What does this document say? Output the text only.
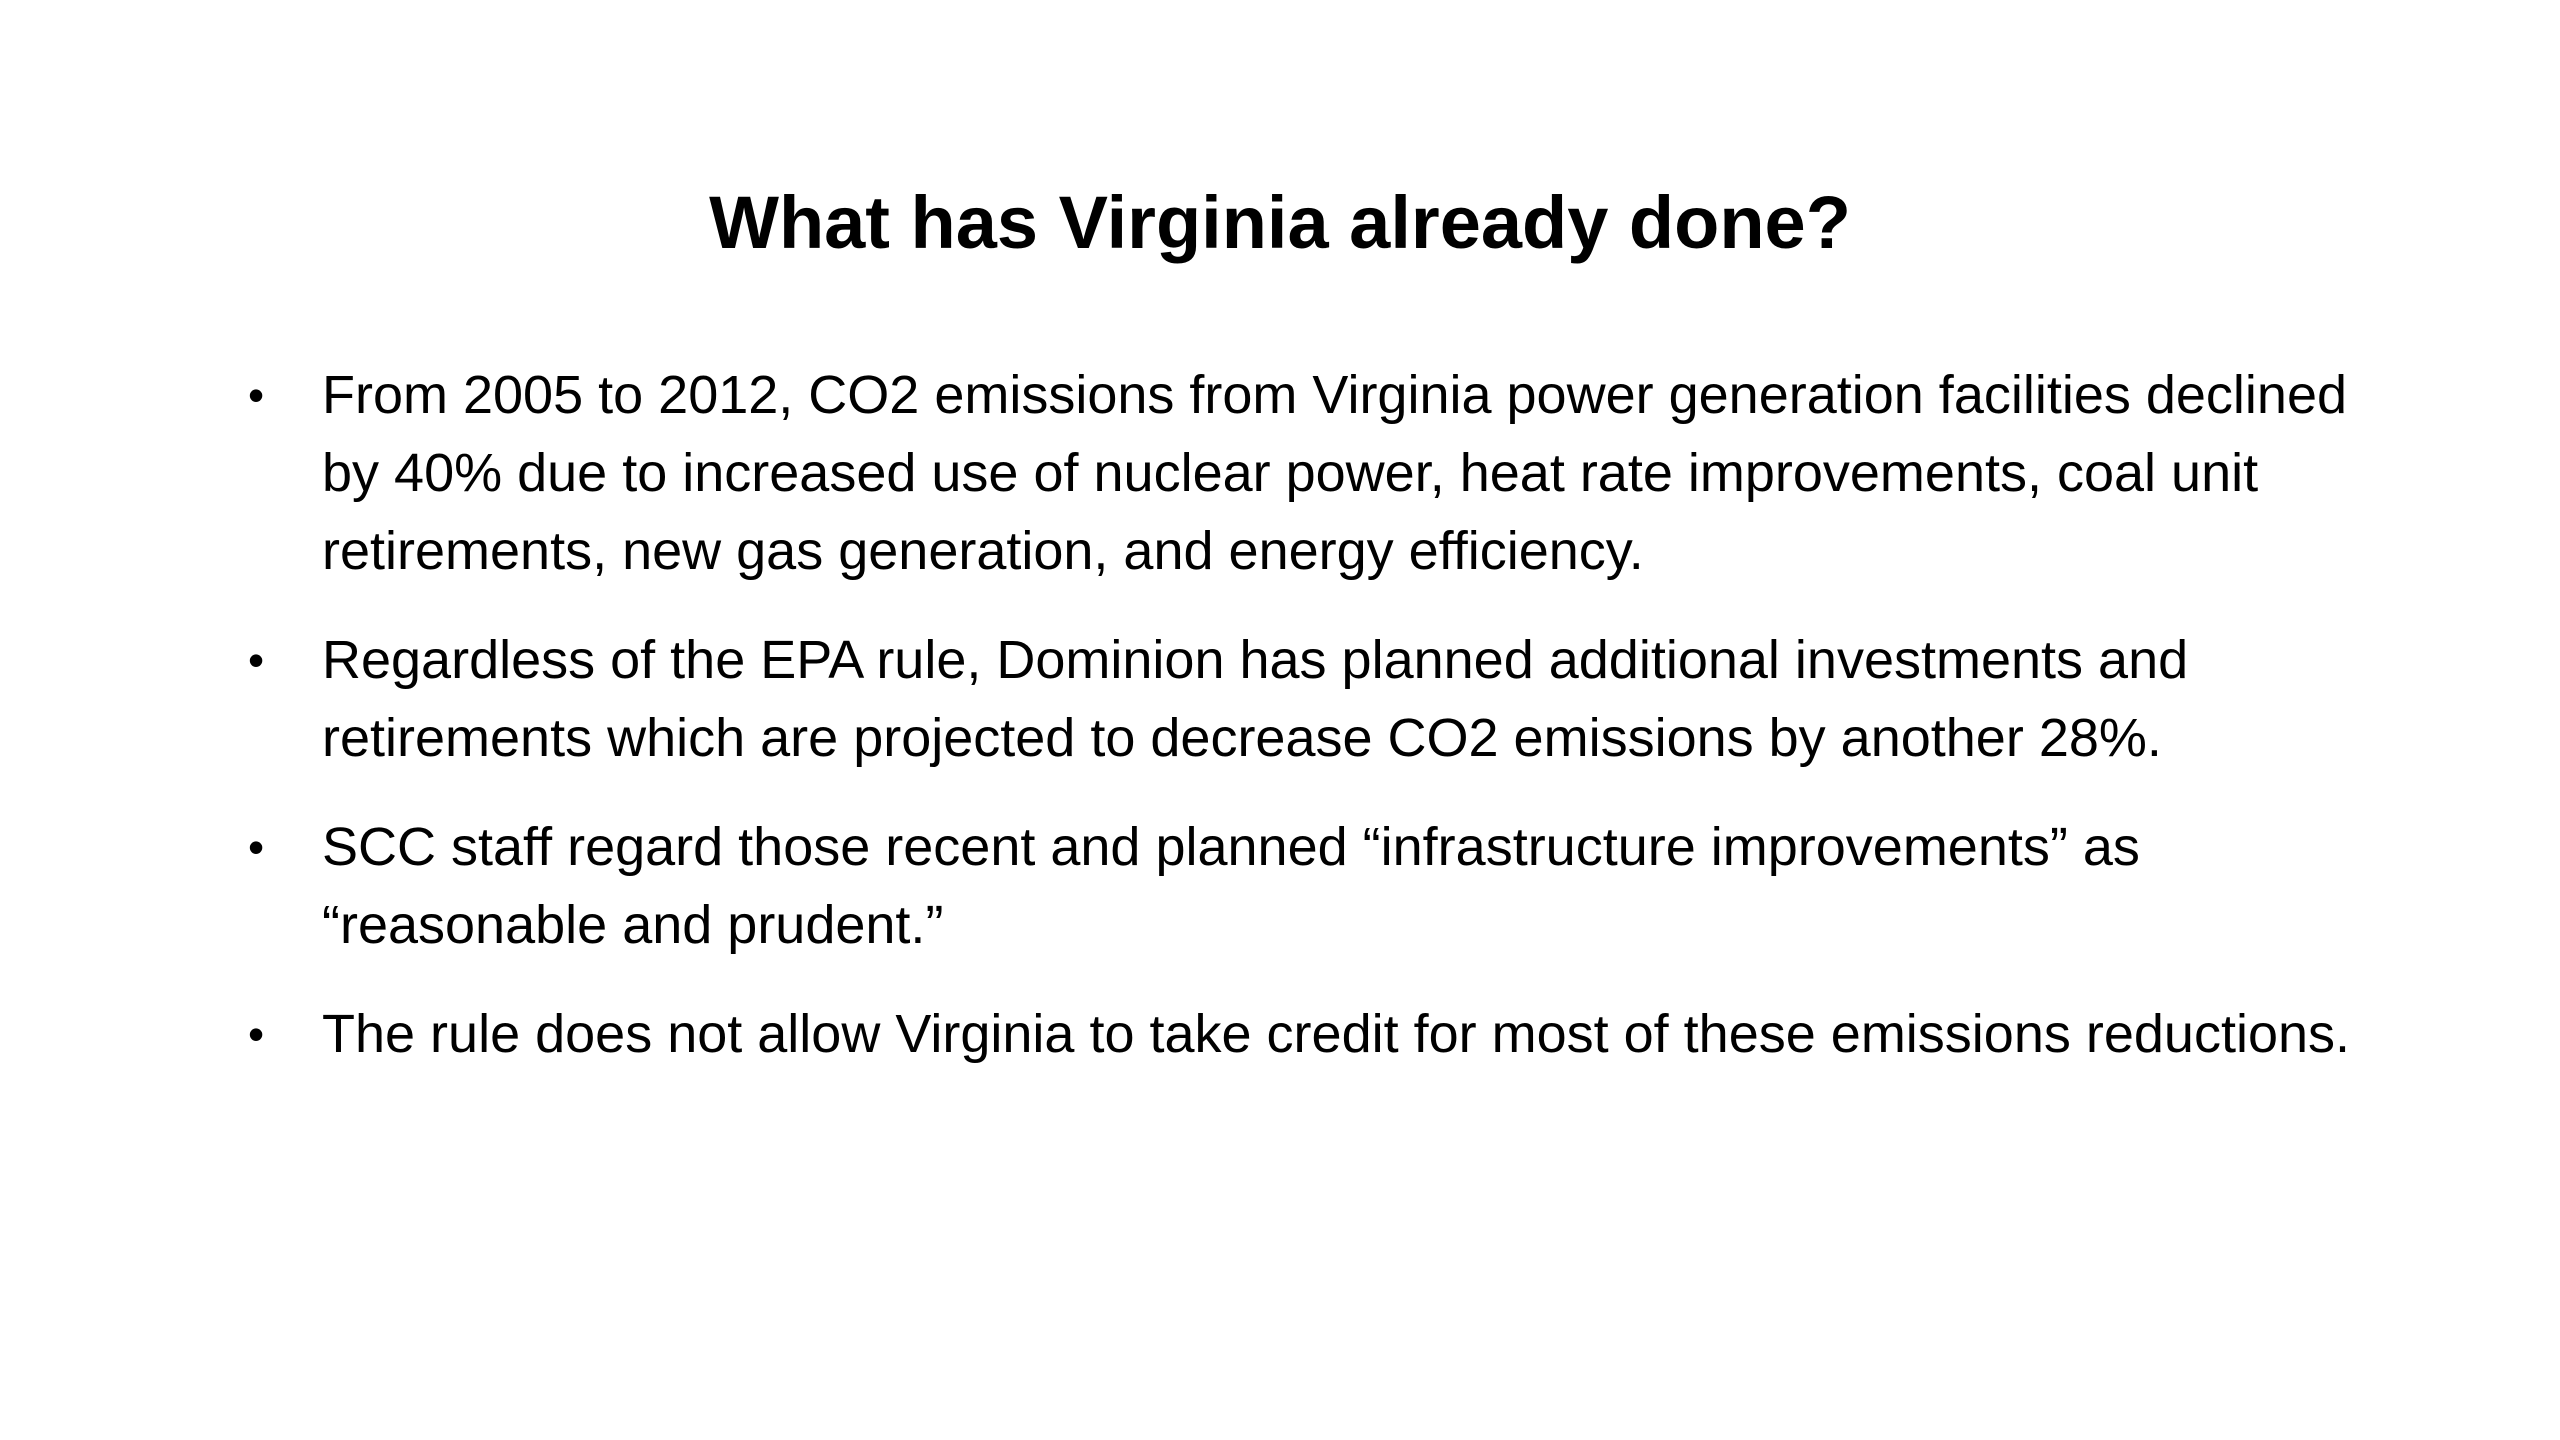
What has Virginia already done?
•	From 2005 to 2012, CO2 emissions from Virginia power generation facilities declined by 40% due to increased use of nuclear power, heat rate improvements, coal unit retirements, new gas generation, and energy efficiency.
•	Regardless of the EPA rule, Dominion has planned additional investments and retirements which are projected to decrease CO2 emissions by another 28%.
•	SCC staff regard those recent and planned “infrastructure improvements” as “reasonable and prudent.”
•	The rule does not allow Virginia to take credit for most of these emissions reductions.
